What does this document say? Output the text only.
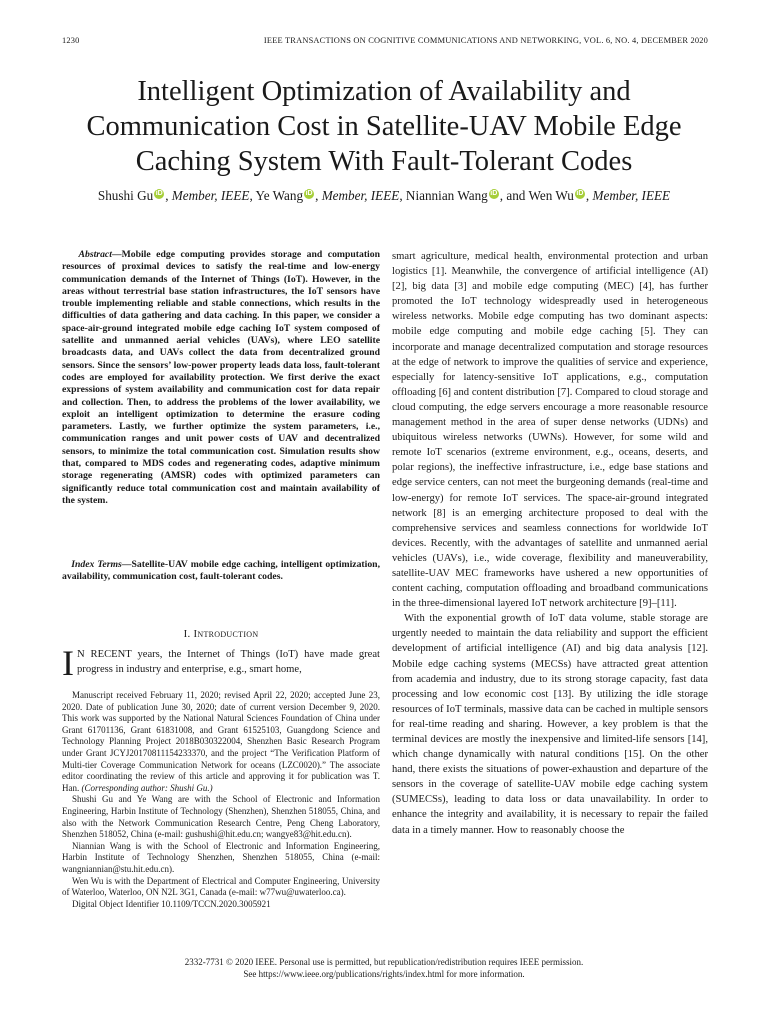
1230	IEEE TRANSACTIONS ON COGNITIVE COMMUNICATIONS AND NETWORKING, VOL. 6, NO. 4, DECEMBER 2020
Intelligent Optimization of Availability and
Communication Cost in Satellite-UAV Mobile Edge
Caching System With Fault-Tolerant Codes
Shushi Gu iD , Member, IEEE, Ye Wang iD , Member, IEEE, Niannian Wang iD , and Wen Wu iD , Member, IEEE

Abstract—Mobile edge computing provides storage and computation resources of proximal devices to satisfy the real-time and low-energy communication demands of the Internet of Things (IoT). However, in the areas without terrestrial base station infrastructures, the IoT sensors have trouble implementing reliable and stable connections, which results in the difficulties of data gathering and data caching. In this paper, we consider a space-air-ground integrated mobile edge caching IoT system composed of satellite and unmanned aerial vehicles (UAVs), where LEO satellite broadcasts data, and UAVs collect the data from decentralized ground sensors. Since the sensors’ low-power property leads data loss, fault-tolerant codes are employed for availability protection. We first derive the exact expressions of system availability and communication cost for data repair and collection. Then, to address the problems of the lower availability, we exploit an intelligent optimization to determine the erasure coding parameters. Lastly, we further optimize the system parameters, i.e., communication ranges and unit power costs of UAV and decentralized sensors, to minimize the total communication cost. Simulation results show that, compared to MDS codes and regenerating codes, adaptive minimum storage regenerating (AMSR) codes with optimized parameters can significantly reduce total communication cost and maintain availability of the system.

Index Terms—Satellite-UAV mobile edge caching, intelligent optimization, availability, communication cost, fault-tolerant codes.

I. Introduction
I N RECENT years, the Internet of Things (IoT) have made great progress in industry and enterprise, e.g., smart home,

Manuscript received February 11, 2020; revised April 22, 2020; accepted June 23, 2020. Date of publication June 30, 2020; date of current version December 9, 2020. This work was supported by the National Natural Sciences Foundation of China under Grant 61701136, Grant 61831008, and Grant 61525103, Guangdong Science and Technology Planning Project 2018B030322004, Shenzhen Basic Research Program under Grant JCYJ20170811154233370, and the project “The Verification Platform of Multi-tier Coverage Communication Network for oceans (LZC0020).” The associate editor coordinating the review of this article and approving it for publication was T. Han. (Corresponding author: Shushi Gu.)

Shushi Gu and Ye Wang are with the School of Electronic and Information Engineering, Harbin Institute of Technology (Shenzhen), Shenzhen 518055, China, and also with the Network Communication Research Centre, Peng Cheng Laboratory, Shenzhen 518052, China (e-mail: gushushi@hit.edu.cn; wangye83@hit.edu.cn).

Niannian Wang is with the School of Electronic and Information Engineering, Harbin Institute of Technology Shenzhen, Shenzhen 518055, China (e-mail: wangniannian@stu.hit.edu.cn).

Wen Wu is with the Department of Electrical and Computer Engineering, University of Waterloo, Waterloo, ON N2L 3G1, Canada (e-mail: w77wu@uwaterloo.ca).

Digital Object Identifier 10.1109/TCCN.2020.3005921

smart agriculture, medical health, environmental protection and urban logistics [1]. Meanwhile, the convergence of artificial intelligence (AI) [2], big data [3] and mobile edge computing (MEC) [4], has further promoted the IoT technology widespreadly used in heterogeneous wireless networks. Mobile edge computing has two dominant aspects: mobile edge computing and mobile edge caching [5]. They can incorporate and manage decentralized computation and storage resources at the edge of network to improve the qualities of service and experience, especially for latency-sensitive IoT applications, e.g., computation offloading [6] and content distribution [7]. Compared to cloud storage and cloud computing, the edge servers encourage a more reasonable resource management method in the area of super dense networks (UDNs) and ubiquitous wireless networks (UWNs). However, for some wild and remote IoT scenarios (extreme environment, e.g., oceans, deserts, and polar regions), the ineffective infrastructure, i.e., edge base stations and edge service centers, can not meet the burgeoning demands (real-time and low-energy) for remote IoT services. The space-air-ground integrated network [8] is an emerging architecture proposed to deal with the comprehensive services and seamless connections for worldwide IoT devices. Recently, with the advantages of satellite and unmanned aerial vehicles (UAVs), i.e., wide coverage, flexibility and maneuverability, satellite-UAV MEC frameworks have ushered a new opportunities of content caching, computation offloading and broadband communications in the three-dimensional layered IoT network architecture [9]–[11].

With the exponential growth of IoT data volume, stable storage are urgently needed to maintain the data reliability and support the efficient development of artificial intelligence (AI) and big data analysis [12]. Mobile edge caching systems (MECSs) have attracted great attention from academia and industry, due to its strong storage capacity, fast data processing and low economic cost [13]. By utilizing the idle storage resources of IoT terminals, massive data can be cached in multiple sensors for real-time reading and sharing. However, a key problem is that the terminal devices are mostly the inexpensive and limited-life sensors [14], which change dynamically with natural conditions [15]. On the other hand, there exists the situations of power-exhaustion and departure of the sensors in the coverage of satellite-UAV mobile edge caching system (SUMECSs), leading to data loss or data unavailability. In order to enhance the integrity and availability, it is necessary to repair the failed data in a timely manner. How to reasonably choose the

2332-7731 © 2020 IEEE. Personal use is permitted, but republication/redistribution requires IEEE permission.
See https://www.ieee.org/publications/rights/index.html for more information.
